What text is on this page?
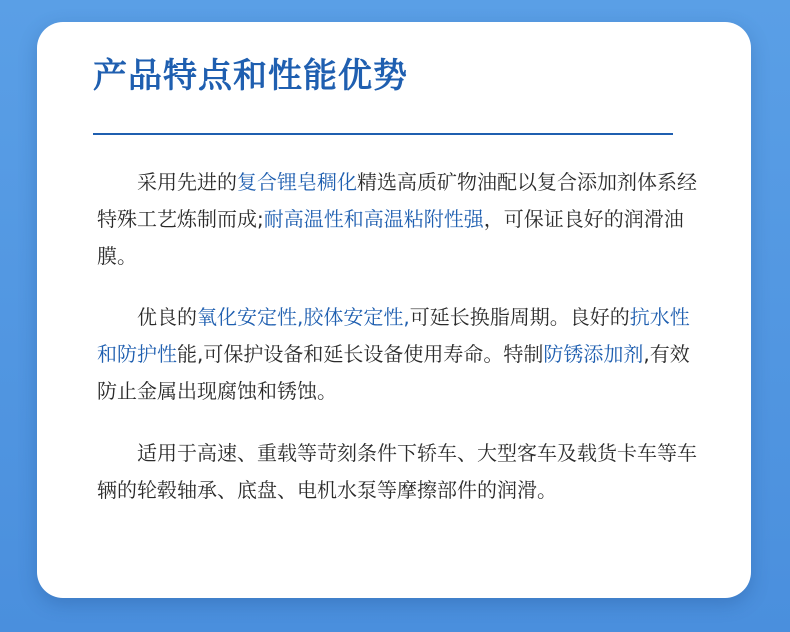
产品特点和性能优势

采用先进的复合锂皂稠化精选高质矿物油配以复合添加剂体系经特殊工艺炼制而成;耐高温性和高温粘附性强，可保证良好的润滑油膜。

优良的氧化安定性,胶体安定性,可延长换脂周期。良好的抗水性和防护性能,可保护设备和延长设备使用寿命。特制防锈添加剂,有效防止金属出现腐蚀和锈蚀。

适用于高速、重载等苛刻条件下轿车、大型客车及载货卡车等车辆的轮毂轴承、底盘、电机水泵等摩擦部件的润滑。
